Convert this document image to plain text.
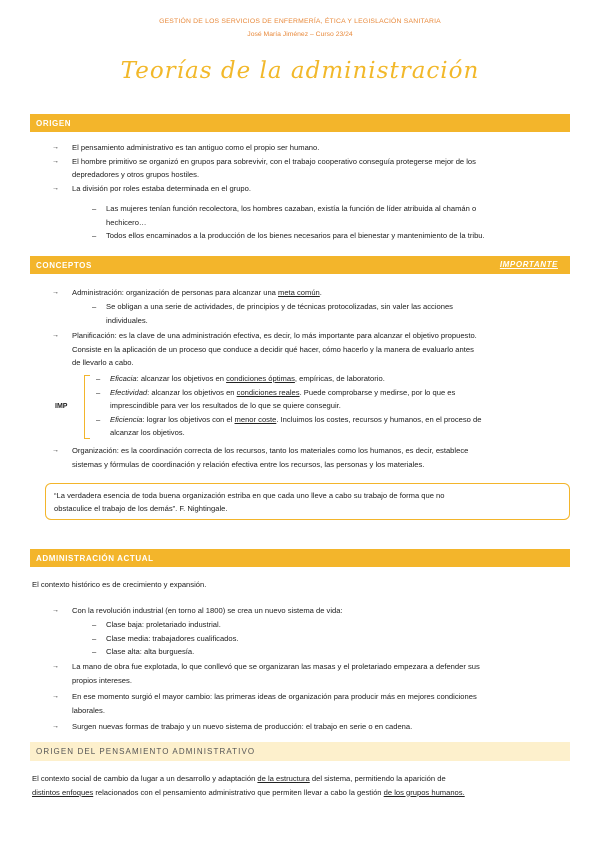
GESTIÓN DE LOS SERVICIOS DE ENFERMERÍA, ÉTICA Y LEGISLACIÓN SANITARIA
José María Jiménez – Curso 23/24
Teorías de la administración
ORIGEN
→ El pensamiento administrativo es tan antiguo como el propio ser humano.
→ El hombre primitivo se organizó en grupos para sobrevivir, con el trabajo cooperativo conseguía protegerse mejor de los
depredadores y otros grupos hostiles.
→ La división por roles estaba determinada en el grupo.
– Las mujeres tenían función recolectora, los hombres cazaban, existía la función de líder atribuida al chamán o
hechicero…
– Todos ellos encaminados a la producción de los bienes necesarios para el bienestar y mantenimiento de la tribu.
CONCEPTOS	IMPORTANTE
→ Administración: organización de personas para alcanzar una meta común.
– Se obligan a una serie de actividades, de principios y de técnicas protocolizadas, sin valer las acciones
individuales.
→ Planificación: es la clave de una administración efectiva, es decir, lo más importante para alcanzar el objetivo propuesto.
Consiste en la aplicación de un proceso que conduce a decidir qué hacer, cómo hacerlo y la manera de evaluarlo antes
de llevarlo a cabo.
IMP
– Eficacia: alcanzar los objetivos en condiciones óptimas, empíricas, de laboratorio.
– Efectividad: alcanzar los objetivos en condiciones reales. Puede comprobarse y medirse, por lo que es
imprescindible para ver los resultados de lo que se quiere conseguir.
– Eficiencia: lograr los objetivos con el menor coste. Incluimos los costes, recursos y humanos, en el proceso de
alcanzar los objetivos.
→ Organización: es la coordinación correcta de los recursos, tanto los materiales como los humanos, es decir, establece
sistemas y fórmulas de coordinación y relación efectiva entre los recursos, las personas y los materiales.
“La verdadera esencia de toda buena organización estriba en que cada uno lleve a cabo su trabajo de forma que no
obstaculice el trabajo de los demás”. F. Nightingale.
ADMINISTRACIÓN ACTUAL
El contexto histórico es de crecimiento y expansión.
→ Con la revolución industrial (en torno al 1800) se crea un nuevo sistema de vida:
– Clase baja: proletariado industrial.
– Clase media: trabajadores cualificados.
– Clase alta: alta burguesía.
→ La mano de obra fue explotada, lo que conllevó que se organizaran las masas y el proletariado empezara a defender sus
propios intereses.
→ En ese momento surgió el mayor cambio: las primeras ideas de organización para producir más en mejores condiciones
laborales.
→ Surgen nuevas formas de trabajo y un nuevo sistema de producción: el trabajo en serie o en cadena.
ORIGEN DEL PENSAMIENTO ADMINISTRATIVO
El contexto social de cambio da lugar a un desarrollo y adaptación de la estructura del sistema, permitiendo la aparición de
distintos enfoques relacionados con el pensamiento administrativo que permiten llevar a cabo la gestión de los grupos humanos.
